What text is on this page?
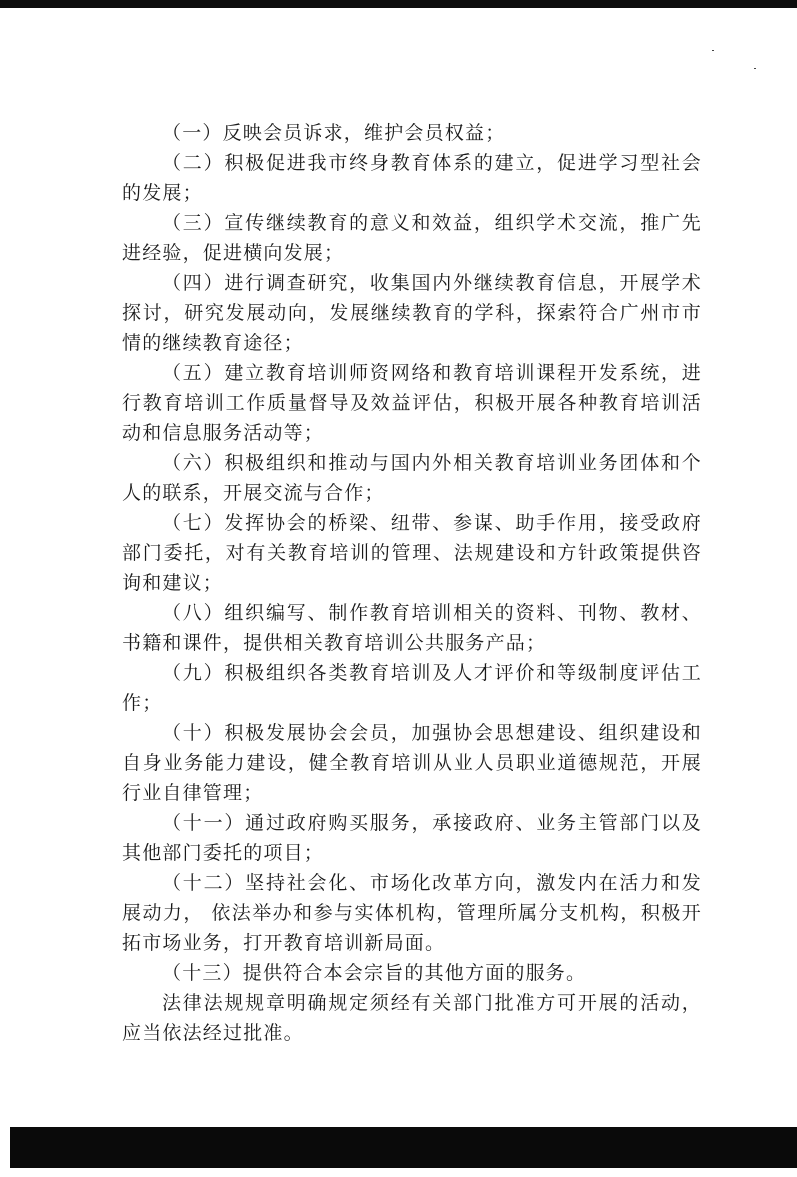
（一）反映会员诉求，维护会员权益；

（二）积极促进我市终身教育体系的建立，促进学习型社会的发展；

（三）宣传继续教育的意义和效益，组织学术交流，推广先进经验，促进横向发展；

（四）进行调查研究，收集国内外继续教育信息，开展学术探讨，研究发展动向，发展继续教育的学科，探索符合广州市市情的继续教育途径；

（五）建立教育培训师资网络和教育培训课程开发系统，进行教育培训工作质量督导及效益评估，积极开展各种教育培训活动和信息服务活动等；

（六）积极组织和推动与国内外相关教育培训业务团体和个人的联系，开展交流与合作；

（七）发挥协会的桥梁、纽带、参谋、助手作用，接受政府部门委托，对有关教育培训的管理、法规建设和方针政策提供咨询和建议；

（八）组织编写、制作教育培训相关的资料、刊物、教材、书籍和课件，提供相关教育培训公共服务产品；

（九）积极组织各类教育培训及人才评价和等级制度评估工作；

（十）积极发展协会会员，加强协会思想建设、组织建设和自身业务能力建设，健全教育培训从业人员职业道德规范，开展行业自律管理；

（十一）通过政府购买服务，承接政府、业务主管部门以及其他部门委托的项目；

（十二）坚持社会化、市场化改革方向，激发内在活力和发展动力， 依法举办和参与实体机构，管理所属分支机构，积极开拓市场业务，打开教育培训新局面。

（十三）提供符合本会宗旨的其他方面的服务。

法律法规规章明确规定须经有关部门批准方可开展的活动，应当依法经过批准。
